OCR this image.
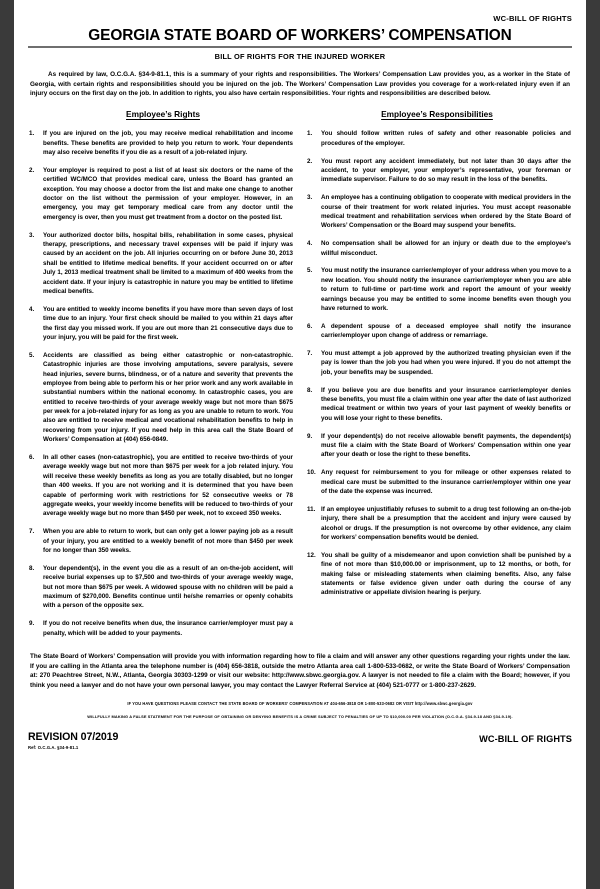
WC-BILL OF RIGHTS
GEORGIA STATE BOARD OF WORKERS’ COMPENSATION
BILL OF RIGHTS FOR THE INJURED WORKER
As required by law, O.C.G.A. §34-9-81.1, this is a summary of your rights and responsibilities. The Workers’ Compensation Law provides you, as a worker in the State of Georgia, with certain rights and responsibilities should you be injured on the job. The Workers’ Compensation Law provides you coverage for a work-related injury even if an injury occurs on the first day on the job. In addition to rights, you also have certain responsibilities. Your rights and responsibilities are described below.
Employee’s Rights	Employee’s Responsibilities
1.	If you are injured on the job, you may receive medical rehabilitation and income benefits. These benefits are provided to help you return to work. Your dependents may also receive benefits if you die as a result of a job-related injury.
2.	Your employer is required to post a list of at least six doctors or the name of the certified WC/MCO that provides medical care, unless the Board has granted an exception. You may choose a doctor from the list and make one change to another doctor on the list without the permission of your employer. However, in an emergency, you may get temporary medical care from any doctor until the emergency is over, then you must get treatment from a doctor on the posted list.
3.	Your authorized doctor bills, hospital bills, rehabilitation in some cases, physical therapy, prescriptions, and necessary travel expenses will be paid if injury was caused by an accident on the job. All injuries occurring on or before June 30, 2013 shall be entitled to lifetime medical benefits. If your accident occurred on or after July 1, 2013 medical treatment shall be limited to a maximum of 400 weeks from the accident date. If your injury is catastrophic in nature you may be entitled to lifetime medical benefits.
4.	You are entitled to weekly income benefits if you have more than seven days of lost time due to an injury. Your first check should be mailed to you within 21 days after the first day you missed work. If you are out more than 21 consecutive days due to your injury, you will be paid for the first week.
5.	Accidents are classified as being either catastrophic or non-catastrophic. Catastrophic injuries are those involving amputations, severe paralysis, severe head injuries, severe burns, blindness, or of a nature and severity that prevents the employee from being able to perform his or her prior work and any work available in substantial numbers within the national economy. In catastrophic cases, you are entitled to receive two-thirds of your average weekly wage but not more than $675 per week for a job-related injury for as long as you are unable to return to work. You also are entitled to receive medical and vocational rehabilitation benefits to help in recovering from your injury. If you need help in this area call the State Board of Workers’ Compensation at (404) 656-0849.
6.	In all other cases (non-catastrophic), you are entitled to receive two-thirds of your average weekly wage but not more than $675 per week for a job related injury. You will receive these weekly benefits as long as you are totally disabled, but no longer than 400 weeks. If you are not working and it is determined that you have been capable of performing work with restrictions for 52 consecutive weeks or 78 aggregate weeks, your weekly income benefits will be reduced to two-thirds of your average weekly wage but no more than $450 per week, not to exceed 350 weeks.
7.	When you are able to return to work, but can only get a lower paying job as a result of your injury, you are entitled to a weekly benefit of not more than $450 per week for no longer than 350 weeks.
8.	Your dependent(s), in the event you die as a result of an on-the-job accident, will receive burial expenses up to $7,500 and two-thirds of your average weekly wage, but not more than $675 per week. A widowed spouse with no children will be paid a maximum of $270,000. Benefits continue until he/she remarries or openly cohabits with a person of the opposite sex.
9.	If you do not receive benefits when due, the insurance carrier/employer must pay a penalty, which will be added to your payments.
1.	You should follow written rules of safety and other reasonable policies and procedures of the employer.
2.	You must report any accident immediately, but not later than 30 days after the accident, to your employer, your employer’s representative, your foreman or immediate supervisor. Failure to do so may result in the loss of the benefits.
3.	An employee has a continuing obligation to cooperate with medical providers in the course of their treatment for work related injuries. You must accept reasonable medical treatment and rehabilitation services when ordered by the State Board of Workers’ Compensation or the Board may suspend your benefits.
4.	No compensation shall be allowed for an injury or death due to the employee’s willful misconduct.
5.	You must notify the insurance carrier/employer of your address when you move to a new location. You should notify the insurance carrier/employer when you are able to return to full-time or part-time work and report the amount of your weekly earnings because you may be entitled to some income benefits even though you have returned to work.
6.	A dependent spouse of a deceased employee shall notify the insurance carrier/employer upon change of address or remarriage.
7.	You must attempt a job approved by the authorized treating physician even if the pay is lower than the job you had when you were injured. If you do not attempt the job, your benefits may be suspended.
8.	If you believe you are due benefits and your insurance carrier/employer denies these benefits, you must file a claim within one year after the date of last authorized medical treatment or within two years of your last payment of weekly benefits or you will lose your right to these benefits.
9.	If your dependent(s) do not receive allowable benefit payments, the dependent(s) must file a claim with the State Board of Workers’ Compensation within one year after your death or lose the right to these benefits.
10. Any request for reimbursement to you for mileage or other expenses related to medical care must be submitted to the insurance carrier/employer within one year of the date the expense was incurred.
11. If an employee unjustifiably refuses to submit to a drug test following an on-the-job injury, there shall be a presumption that the accident and injury were caused by alcohol or drugs. If the presumption is not overcome by other evidence, any claim for workers’ compensation benefits would be denied.
12. You shall be guilty of a misdemeanor and upon conviction shall be punished by a fine of not more than $10,000.00 or imprisonment, up to 12 months, or both, for making false or misleading statements when claiming benefits. Also, any false statements or false evidence given under oath during the course of any administrative or appellate division hearing is perjury.
The State Board of Workers’ Compensation will provide you with information regarding how to file a claim and will answer any other questions regarding your rights under the law. If you are calling in the Atlanta area the telephone number is (404) 656-3818, outside the metro Atlanta area call 1-800-533-0682, or write the State Board of Workers’ Compensation at: 270 Peachtree Street, N.W., Atlanta, Georgia 30303-1299 or visit our website: http://www.sbwc.georgia.gov. A lawyer is not needed to file a claim with the Board; however, if you think you need a lawyer and do not have your own personal lawyer, you may contact the Lawyer Referral Service at (404) 521-0777 or 1-800-237-2629.
IF YOU HAVE QUESTIONS PLEASE CONTACT THE STATE BOARD OF WORKERS’ COMPENSATION AT 404-656-3818 OR 1-800-533-0682 OR VISIT http://www.sbwc.georgia.gov
WILLFULLY MAKING A FALSE STATEMENT FOR THE PURPOSE OF OBTAINING OR DENYING BENEFITS IS A CRIME SUBJECT TO PENALTIES OF UP TO $10,000.00 PER VIOLATION (O.C.G.A. §34-9-18 AND §34-9-19).
REVISION 07/2019
Ref: O.C.G.A. §34-9-81.1
WC-BILL OF RIGHTS
